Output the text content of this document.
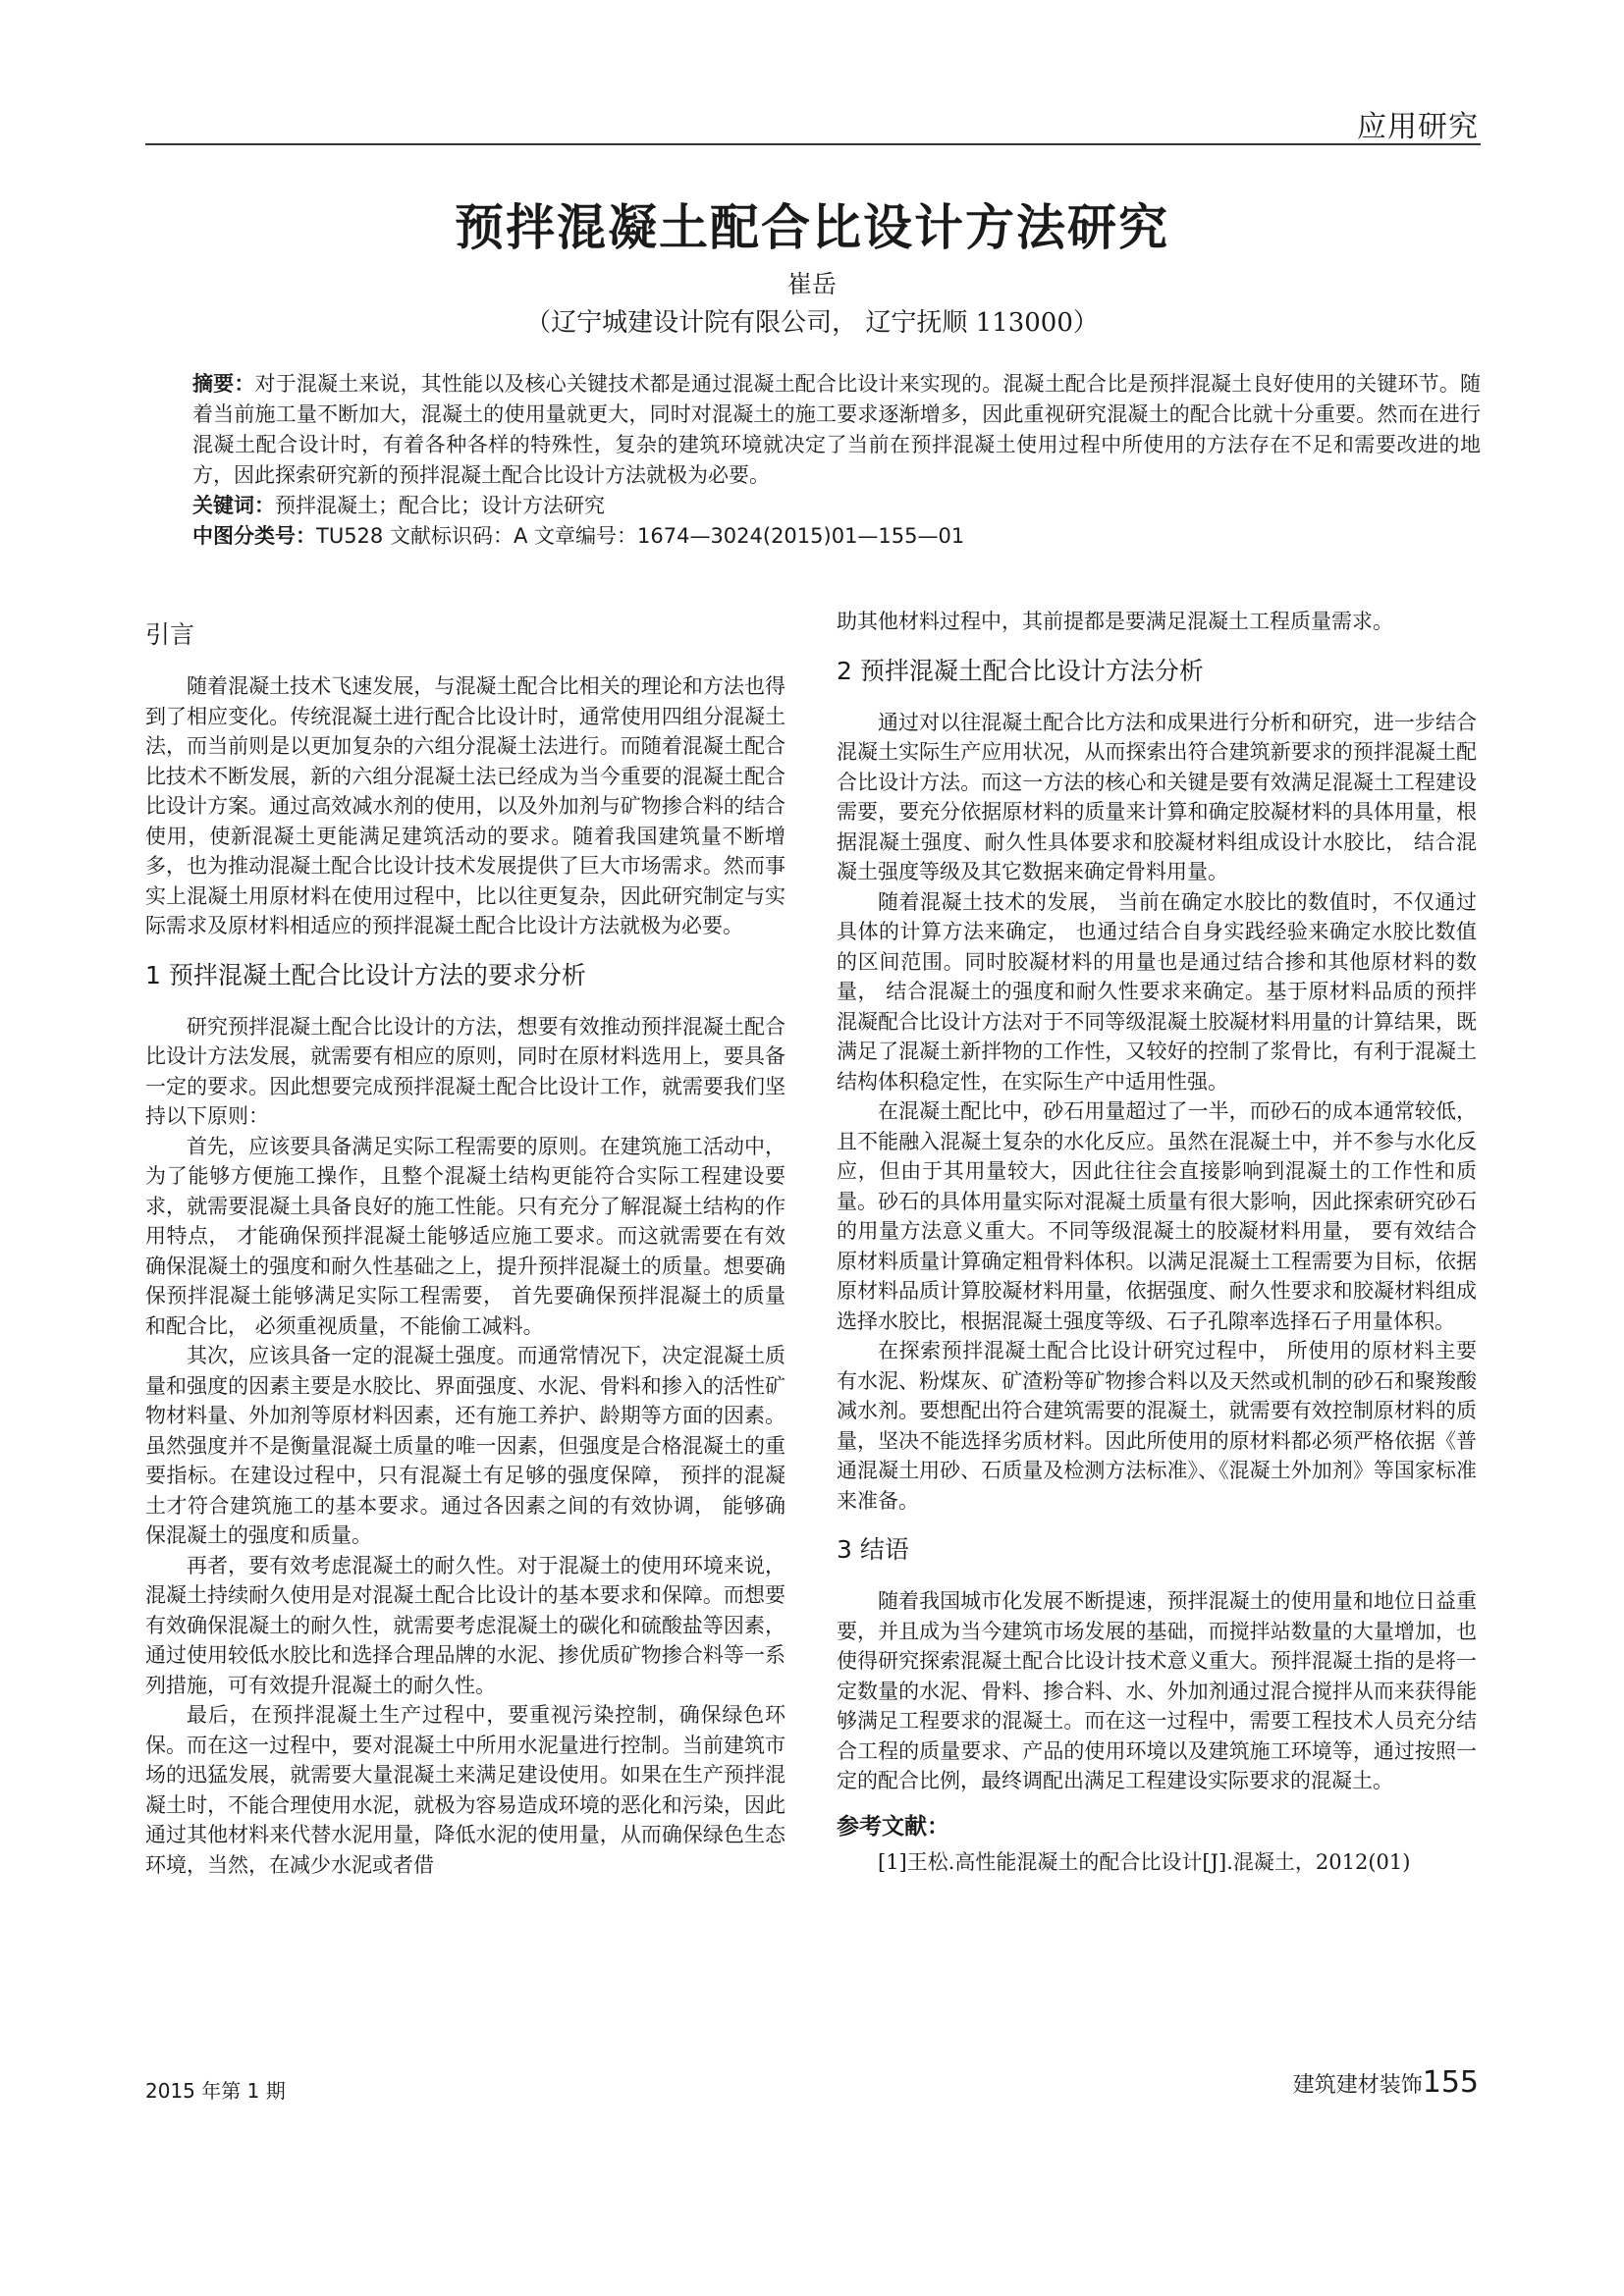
应用研究
预拌混凝土配合比设计方法研究
崔岳
（辽宁城建设计院有限公司， 辽宁抚顺 113000）
摘要：对于混凝土来说，其性能以及核心关键技术都是通过混凝土配合比设计来实现的。混凝土配合比是预拌混凝土良好使用的关键环节。随着当前施工量不断加大，混凝土的使用量就更大，同时对混凝土的施工要求逐渐增多，因此重视研究混凝土的配合比就十分重要。然而在进行混凝土配合设计时，有着各种各样的特殊性，复杂的建筑环境就决定了当前在预拌混凝土使用过程中所使用的方法存在不足和需要改进的地方，因此探索研究新的预拌混凝土配合比设计方法就极为必要。
关键词：预拌混凝土；配合比；设计方法研究
中图分类号：TU528 文献标识码：A 文章编号：1674—3024(2015)01—155—01
引言

随着混凝土技术飞速发展，与混凝土配合比相关的理论和方法也得到了相应变化。传统混凝土进行配合比设计时，通常使用四组分混凝土法，而当前则是以更加复杂的六组分混凝土法进行。而随着混凝土配合比技术不断发展，新的六组分混凝土法已经成为当今重要的混凝土配合比设计方案。通过高效减水剂的使用，以及外加剂与矿物掺合料的结合使用，使新混凝土更能满足建筑活动的要求。随着我国建筑量不断增多，也为推动混凝土配合比设计技术发展提供了巨大市场需求。然而事实上混凝土用原材料在使用过程中，比以往更复杂，因此研究制定与实际需求及原材料相适应的预拌混凝土配合比设计方法就极为必要。

1 预拌混凝土配合比设计方法的要求分析

研究预拌混凝土配合比设计的方法，想要有效推动预拌混凝土配合比设计方法发展，就需要有相应的原则，同时在原材料选用上，要具备一定的要求。因此想要完成预拌混凝土配合比设计工作，就需要我们坚持以下原则：

首先，应该要具备满足实际工程需要的原则。在建筑施工活动中，为了能够方便施工操作，且整个混凝土结构更能符合实际工程建设要求，就需要混凝土具备良好的施工性能。只有充分了解混凝土结构的作用特点， 才能确保预拌混凝土能够适应施工要求。而这就需要在有效确保混凝土的强度和耐久性基础之上，提升预拌混凝土的质量。想要确保预拌混凝土能够满足实际工程需要， 首先要确保预拌混凝土的质量和配合比， 必须重视质量，不能偷工减料。

其次，应该具备一定的混凝土强度。而通常情况下，决定混凝土质量和强度的因素主要是水胶比、界面强度、水泥、骨料和掺入的活性矿物材料量、外加剂等原材料因素，还有施工养护、龄期等方面的因素。虽然强度并不是衡量混凝土质量的唯一因素，但强度是合格混凝土的重要指标。在建设过程中，只有混凝土有足够的强度保障， 预拌的混凝土才符合建筑施工的基本要求。通过各因素之间的有效协调， 能够确保混凝土的强度和质量。

再者，要有效考虑混凝土的耐久性。对于混凝土的使用环境来说， 混凝土持续耐久使用是对混凝土配合比设计的基本要求和保障。而想要有效确保混凝土的耐久性，就需要考虑混凝土的碳化和硫酸盐等因素， 通过使用较低水胶比和选择合理品牌的水泥、掺优质矿物掺合料等一系列措施，可有效提升混凝土的耐久性。

最后，在预拌混凝土生产过程中，要重视污染控制，确保绿色环保。而在这一过程中，要对混凝土中所用水泥量进行控制。当前建筑市场的迅猛发展，就需要大量混凝土来满足建设使用。如果在生产预拌混凝土时，不能合理使用水泥，就极为容易造成环境的恶化和污染，因此通过其他材料来代替水泥用量，降低水泥的使用量，从而确保绿色生态环境，当然，在减少水泥或者借

助其他材料过程中，其前提都是要满足混凝土工程质量需求。

2 预拌混凝土配合比设计方法分析

通过对以往混凝土配合比方法和成果进行分析和研究，进一步结合混凝土实际生产应用状况，从而探索出符合建筑新要求的预拌混凝土配合比设计方法。而这一方法的核心和关键是要有效满足混凝土工程建设需要，要充分依据原材料的质量来计算和确定胶凝材料的具体用量，根据混凝土强度、耐久性具体要求和胶凝材料组成设计水胶比， 结合混凝土强度等级及其它数据来确定骨料用量。

随着混凝土技术的发展， 当前在确定水胶比的数值时，不仅通过具体的计算方法来确定， 也通过结合自身实践经验来确定水胶比数值的区间范围。同时胶凝材料的用量也是通过结合掺和其他原材料的数量， 结合混凝土的强度和耐久性要求来确定。基于原材料品质的预拌混凝配合比设计方法对于不同等级混凝土胶凝材料用量的计算结果，既满足了混凝土新拌物的工作性，又较好的控制了浆骨比，有利于混凝土结构体积稳定性，在实际生产中适用性强。

在混凝土配比中，砂石用量超过了一半，而砂石的成本通常较低，且不能融入混凝土复杂的水化反应。虽然在混凝土中，并不参与水化反应，但由于其用量较大，因此往往会直接影响到混凝土的工作性和质量。砂石的具体用量实际对混凝土质量有很大影响，因此探索研究砂石的用量方法意义重大。不同等级混凝土的胶凝材料用量， 要有效结合原材料质量计算确定粗骨料体积。以满足混凝土工程需要为目标，依据原材料品质计算胶凝材料用量，依据强度、耐久性要求和胶凝材料组成选择水胶比，根据混凝土强度等级、石子孔隙率选择石子用量体积。

在探索预拌混凝土配合比设计研究过程中， 所使用的原材料主要有水泥、粉煤灰、矿渣粉等矿物掺合料以及天然或机制的砂石和聚羧酸减水剂。要想配出符合建筑需要的混凝土，就需要有效控制原材料的质量，坚决不能选择劣质材料。因此所使用的原材料都必须严格依据《普通混凝土用砂、石质量及检测方法标准》、《混凝土外加剂》等国家标准来准备。

3 结语

随着我国城市化发展不断提速，预拌混凝土的使用量和地位日益重要，并且成为当今建筑市场发展的基础，而搅拌站数量的大量增加，也使得研究探索混凝土配合比设计技术意义重大。预拌混凝土指的是将一定数量的水泥、骨料、掺合料、水、外加剂通过混合搅拌从而来获得能够满足工程要求的混凝土。而在这一过程中，需要工程技术人员充分结合工程的质量要求、产品的使用环境以及建筑施工环境等，通过按照一定的配合比例，最终调配出满足工程建设实际要求的混凝土。

参考文献：

[1]王松.高性能混凝土的配合比设计[J].混凝土，2012(01)

2015 年第 1 期	建筑建材装饰155
